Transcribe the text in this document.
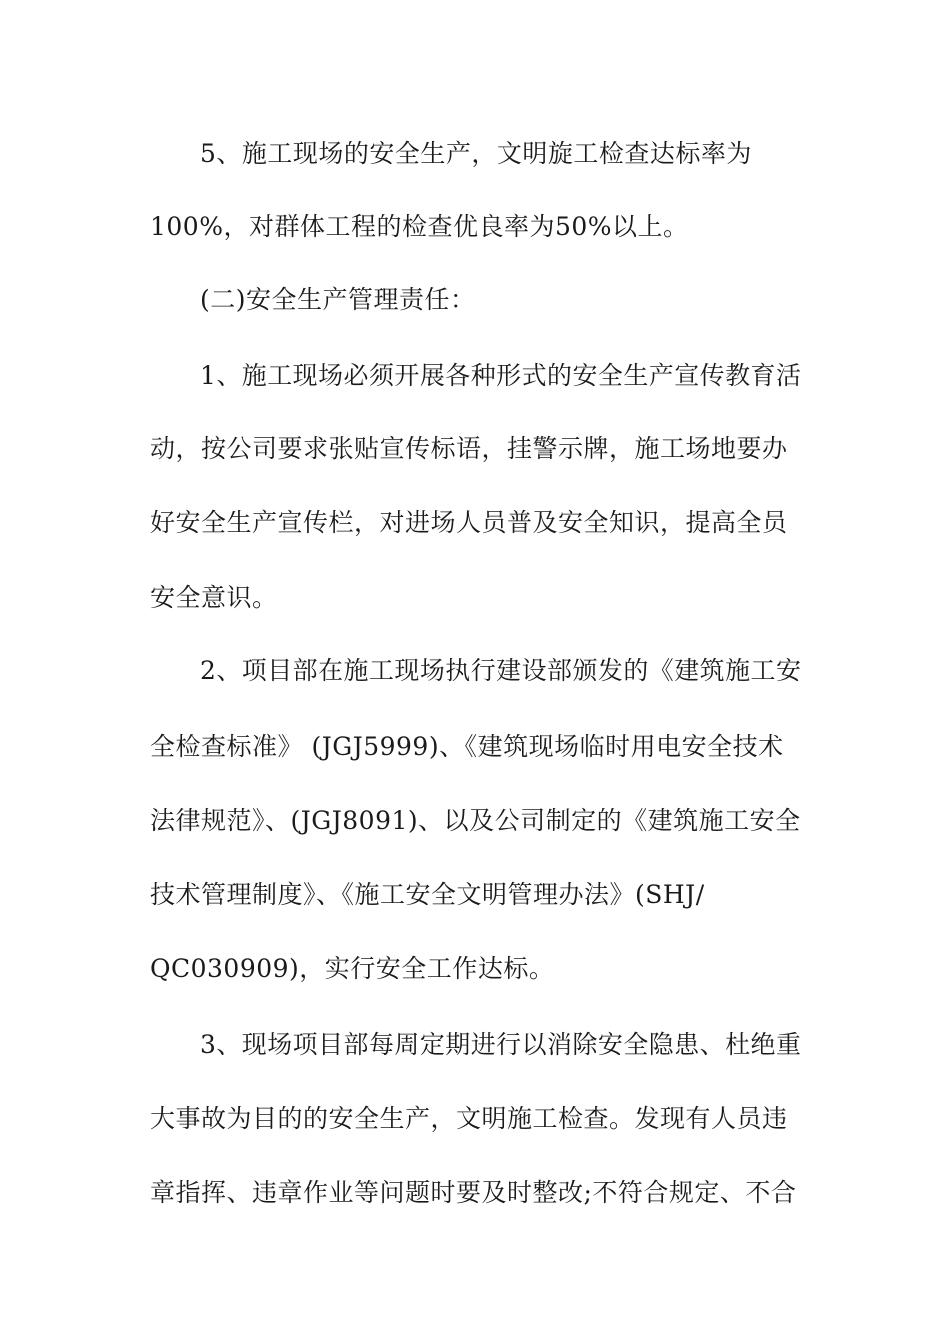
5、施工现场的安全生产，文明旋工检查达标率为
100%，对群体工程的检查优良率为50%以上。
(二)安全生产管理责任：
1、施工现场必须开展各种形式的安全生产宣传教育活
动，按公司要求张贴宣传标语，挂警示牌，施工场地要办
好安全生产宣传栏，对进场人员普及安全知识，提高全员
安全意识。
2、项目部在施工现场执行建设部颁发的《建筑施工安
全检查标准》 (JGJ5999)、《建筑现场临时用电安全技术
法律规范》、(JGJ8091)、以及公司制定的《建筑施工安全
技术管理制度》、《施工安全文明管理办法》(SHJ/
QC030909)，实行安全工作达标。
3、现场项目部每周定期进行以消除安全隐患、杜绝重
大事故为目的的安全生产，文明施工检查。发现有人员违
章指挥、违章作业等问题时要及时整改;不符合规定、不合
